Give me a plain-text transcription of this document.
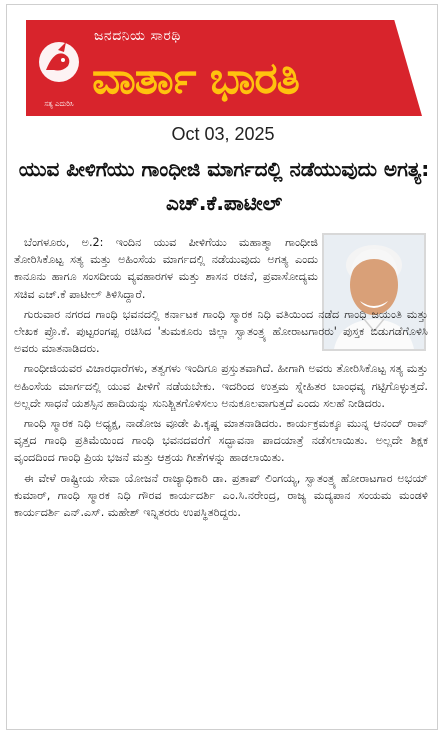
ಸತ್ಯ ಎದುರಿಸಿ
ಜನದನಿಯ ಸಾರಥಿ
ವಾರ್ತಾ ಭಾರತಿ
Oct 03, 2025
ಯುವ ಪೀಳಿಗೆಯು ಗಾಂಧೀಜಿ ಮಾರ್ಗದಲ್ಲಿ ನಡೆಯುವುದು ಅಗತ್ಯ: ಎಚ್.ಕೆ.ಪಾಟೀಲ್

ಬೆಂಗಳೂರು, ಅ.2: ಇಂದಿನ ಯುವ ಪೀಳಿಗೆಯು ಮಹಾತ್ಮಾ ಗಾಂಧೀಜಿ ತೋರಿಸಿಕೊಟ್ಟ ಸತ್ಯ ಮತ್ತು ಅಹಿಂಸೆಯ ಮಾರ್ಗದಲ್ಲಿ ನಡೆಯುವುದು ಅಗತ್ಯ ಎಂದು ಕಾನೂನು ಹಾಗೂ ಸಂಸದೀಯ ವ್ಯವಹಾರಗಳ ಮತ್ತು ಶಾಸನ ರಚನೆ, ಪ್ರವಾಸೋದ್ಯಮ ಸಚಿವ ಎಚ್.ಕೆ ಪಾಟೀಲ್ ತಿಳಿಸಿದ್ದಾರೆ.

ಗುರುವಾರ ನಗರದ ಗಾಂಧಿ ಭವನದಲ್ಲಿ ಕರ್ನಾಟಕ ಗಾಂಧಿ ಸ್ಮಾರಕ ನಿಧಿ ವತಿಯಿಂದ ನಡೆದ ಗಾಂಧಿ ಜಯಂತಿ ಮತ್ತು ಲೇಖಕ ಪ್ರೊ.ಕೆ. ಪುಟ್ಟರಂಗಪ್ಪ ರಚಿಸಿದ 'ತುಮಕೂರು ಜಿಲ್ಲಾ ಸ್ವಾತಂತ್ರ್ಯ ಹೋರಾಟಗಾರರು' ಪುಸ್ತಕ ಬಿಡುಗಡೆಗೊಳಿಸಿ ಅವರು ಮಾತನಾಡಿದರು.

ಗಾಂಧೀಜಿಯವರ ವಿಚಾರಧಾರೆಗಳು, ತತ್ವಗಳು ಇಂದಿಗೂ ಪ್ರಸ್ತುತವಾಗಿದೆ. ಹೀಗಾಗಿ ಅವರು ತೋರಿಸಿಕೊಟ್ಟ ಸತ್ಯ ಮತ್ತು ಅಹಿಂಸೆಯ ಮಾರ್ಗದಲ್ಲಿ ಯುವ ಪೀಳಿಗೆ ನಡೆಯಬೇಕು. ಇದರಿಂದ ಉತ್ತಮ ಸ್ನೇಹಿತರ ಬಾಂಧವ್ಯ ಗಟ್ಟಿಗೊಳ್ಳುತ್ತದೆ. ಅಲ್ಲದೇ ಸಾಧನೆ ಯಶಸ್ಸಿನ ಹಾದಿಯನ್ನು ಸುನಿಶ್ಚಿತಗೊಳಿಸಲು ಅನುಕೂಲವಾಗುತ್ತದೆ ಎಂದು ಸಲಹೆ ನೀಡಿದರು.

ಗಾಂಧಿ ಸ್ಮಾರಕ ನಿಧಿ ಅಧ್ಯಕ್ಷ, ನಾಡೋಜ ವೂಡೇ ಪಿ.ಕೃಷ್ಣ ಮಾತನಾಡಿದರು. ಕಾರ್ಯಕ್ರಮಕ್ಕೂ ಮುನ್ನ ಆನಂದ್ ರಾವ್ ವೃತ್ತದ ಗಾಂಧಿ ಪ್ರತಿಮೆಯಿಂದ ಗಾಂಧಿ ಭವನದವರೆಗೆ ಸದ್ಭಾವನಾ ಪಾದಯಾತ್ರೆ ನಡೆಸಲಾಯಿತು. ಅಲ್ಲದೇ ಶಿಕ್ಷಕ ವೃಂದದಿಂದ ಗಾಂಧಿ ಪ್ರಿಯ ಭಜನೆ ಮತ್ತು ಆಶ್ರಯ ಗೀತೆಗಳನ್ನು ಹಾಡಲಾಯಿತು.

ಈ ವೇಳೆ ರಾಷ್ಟ್ರೀಯ ಸೇವಾ ಯೋಜನೆ ರಾಜ್ಯಾಧಿಕಾರಿ ಡಾ. ಪ್ರತಾಪ್ ಲಿಂಗಯ್ಯ, ಸ್ವಾತಂತ್ರ್ಯ ಹೋರಾಟಗಾರ ಅಭಯ್ ಕುಮಾರ್, ಗಾಂಧಿ ಸ್ಮಾರಕ ನಿಧಿ ಗೌರವ ಕಾರ್ಯದರ್ಶಿ ಎಂ.ಸಿ.ನರೇಂದ್ರ, ರಾಜ್ಯ ಮದ್ಯಪಾನ ಸಂಯಮ ಮಂಡಳಿ ಕಾರ್ಯದರ್ಶಿ ಎನ್.ಎಸ್. ಮಹೇಶ್ ಇನ್ನಿತರರು ಉಪಸ್ಥಿತರಿದ್ದರು.
